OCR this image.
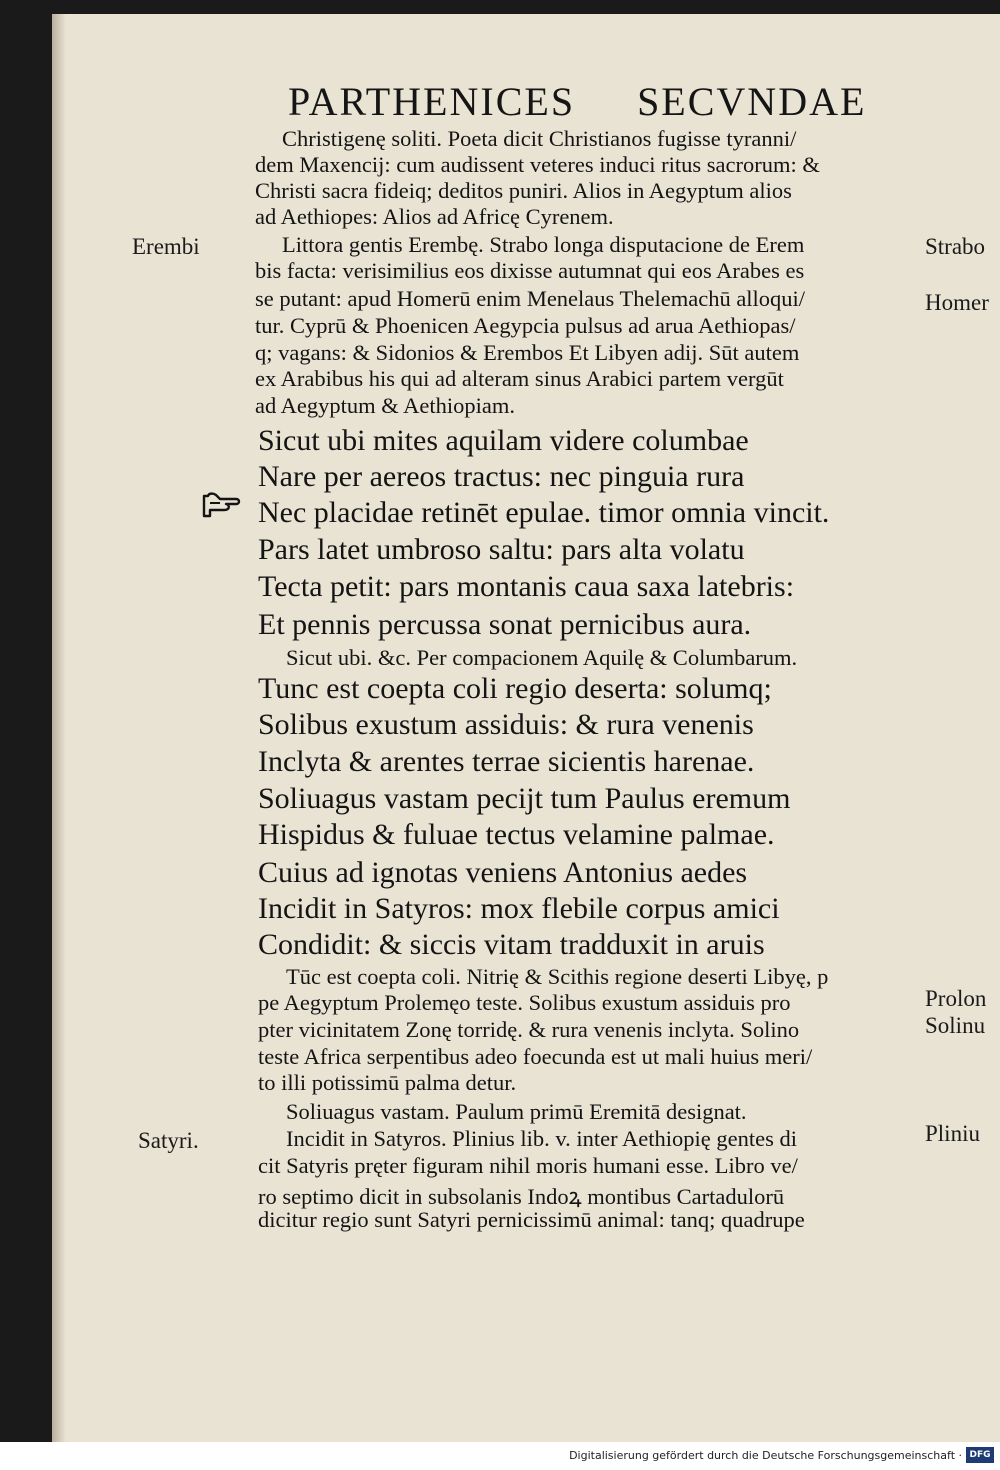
PARTHENICES SECVNDAE
Christigenę soliti. Poeta dicit Christianos fugisse tyranni/
dem Maxencij: cum audissent veteres induci ritus sacrorum: &
Christi sacra fideiq; deditos puniri. Alios in Aegyptum alios
ad Aethiopes: Alios ad Africę Cyrenem.
Littora gentis Erembę. Strabo longa disputacione de Erem
bis facta: verisimilius eos dixisse autumnat qui eos Arabes es
se putant: apud Homerū enim Menelaus Thelemachū alloqui/
tur. Cyprū & Phoenicen Aegypcia pulsus ad arua Aethiopas/
q; vagans: & Sidonios & Erembos Et Libyen adij. Sūt autem
ex Arabibus his qui ad alteram sinus Arabici partem vergūt
ad Aegyptum & Aethiopiam.
Sicut ubi mites aquilam videre columbae
Nare per aereos tractus: nec pinguia rura
Nec placidae retinēt epulae. timor omnia vincit.
Pars latet umbroso saltu: pars alta volatu
Tecta petit: pars montanis caua saxa latebris:
Et pennis percussa sonat pernicibus aura.
Sicut ubi. &c. Per compacionem Aquilę & Columbarum.
Tunc est coepta coli regio deserta: solumq;
Solibus exustum assiduis: & rura venenis
Inclyta & arentes terrae sicientis harenae.
Soliuagus vastam pecijt tum Paulus eremum
Hispidus & fuluae tectus velamine palmae.
Cuius ad ignotas veniens Antonius aedes
Incidit in Satyros: mox flebile corpus amici
Condidit: & siccis vitam tradduxit in aruis
Tūc est coepta coli. Nitrię & Scithis regione deserti Libyę, p
pe Aegyptum Prolemęo teste. Solibus exustum assiduis pro
pter vicinitatem Zonę torridę. & rura venenis inclyta. Solino
teste Africa serpentibus adeo foecunda est ut mali huius meri/
to illi potissimū palma detur.
Soliuagus vastam. Paulum primū Eremitā designat.
Incidit in Satyros. Plinius lib. v. inter Aethiopię gentes di
cit Satyris pręter figuram nihil moris humani esse. Libro ve/
ro septimo dicit in subsolanis Indoꝝ montibus Cartadulorū
dicitur regio sunt Satyri pernicissimū animal: tanq; quadrupe
Erembi
Satyri.
Strabo
Homer
Prolon
Solinu
Pliniu
Digitalisierung gefördert durch die Deutsche Forschungsgemeinschaft · DFG
